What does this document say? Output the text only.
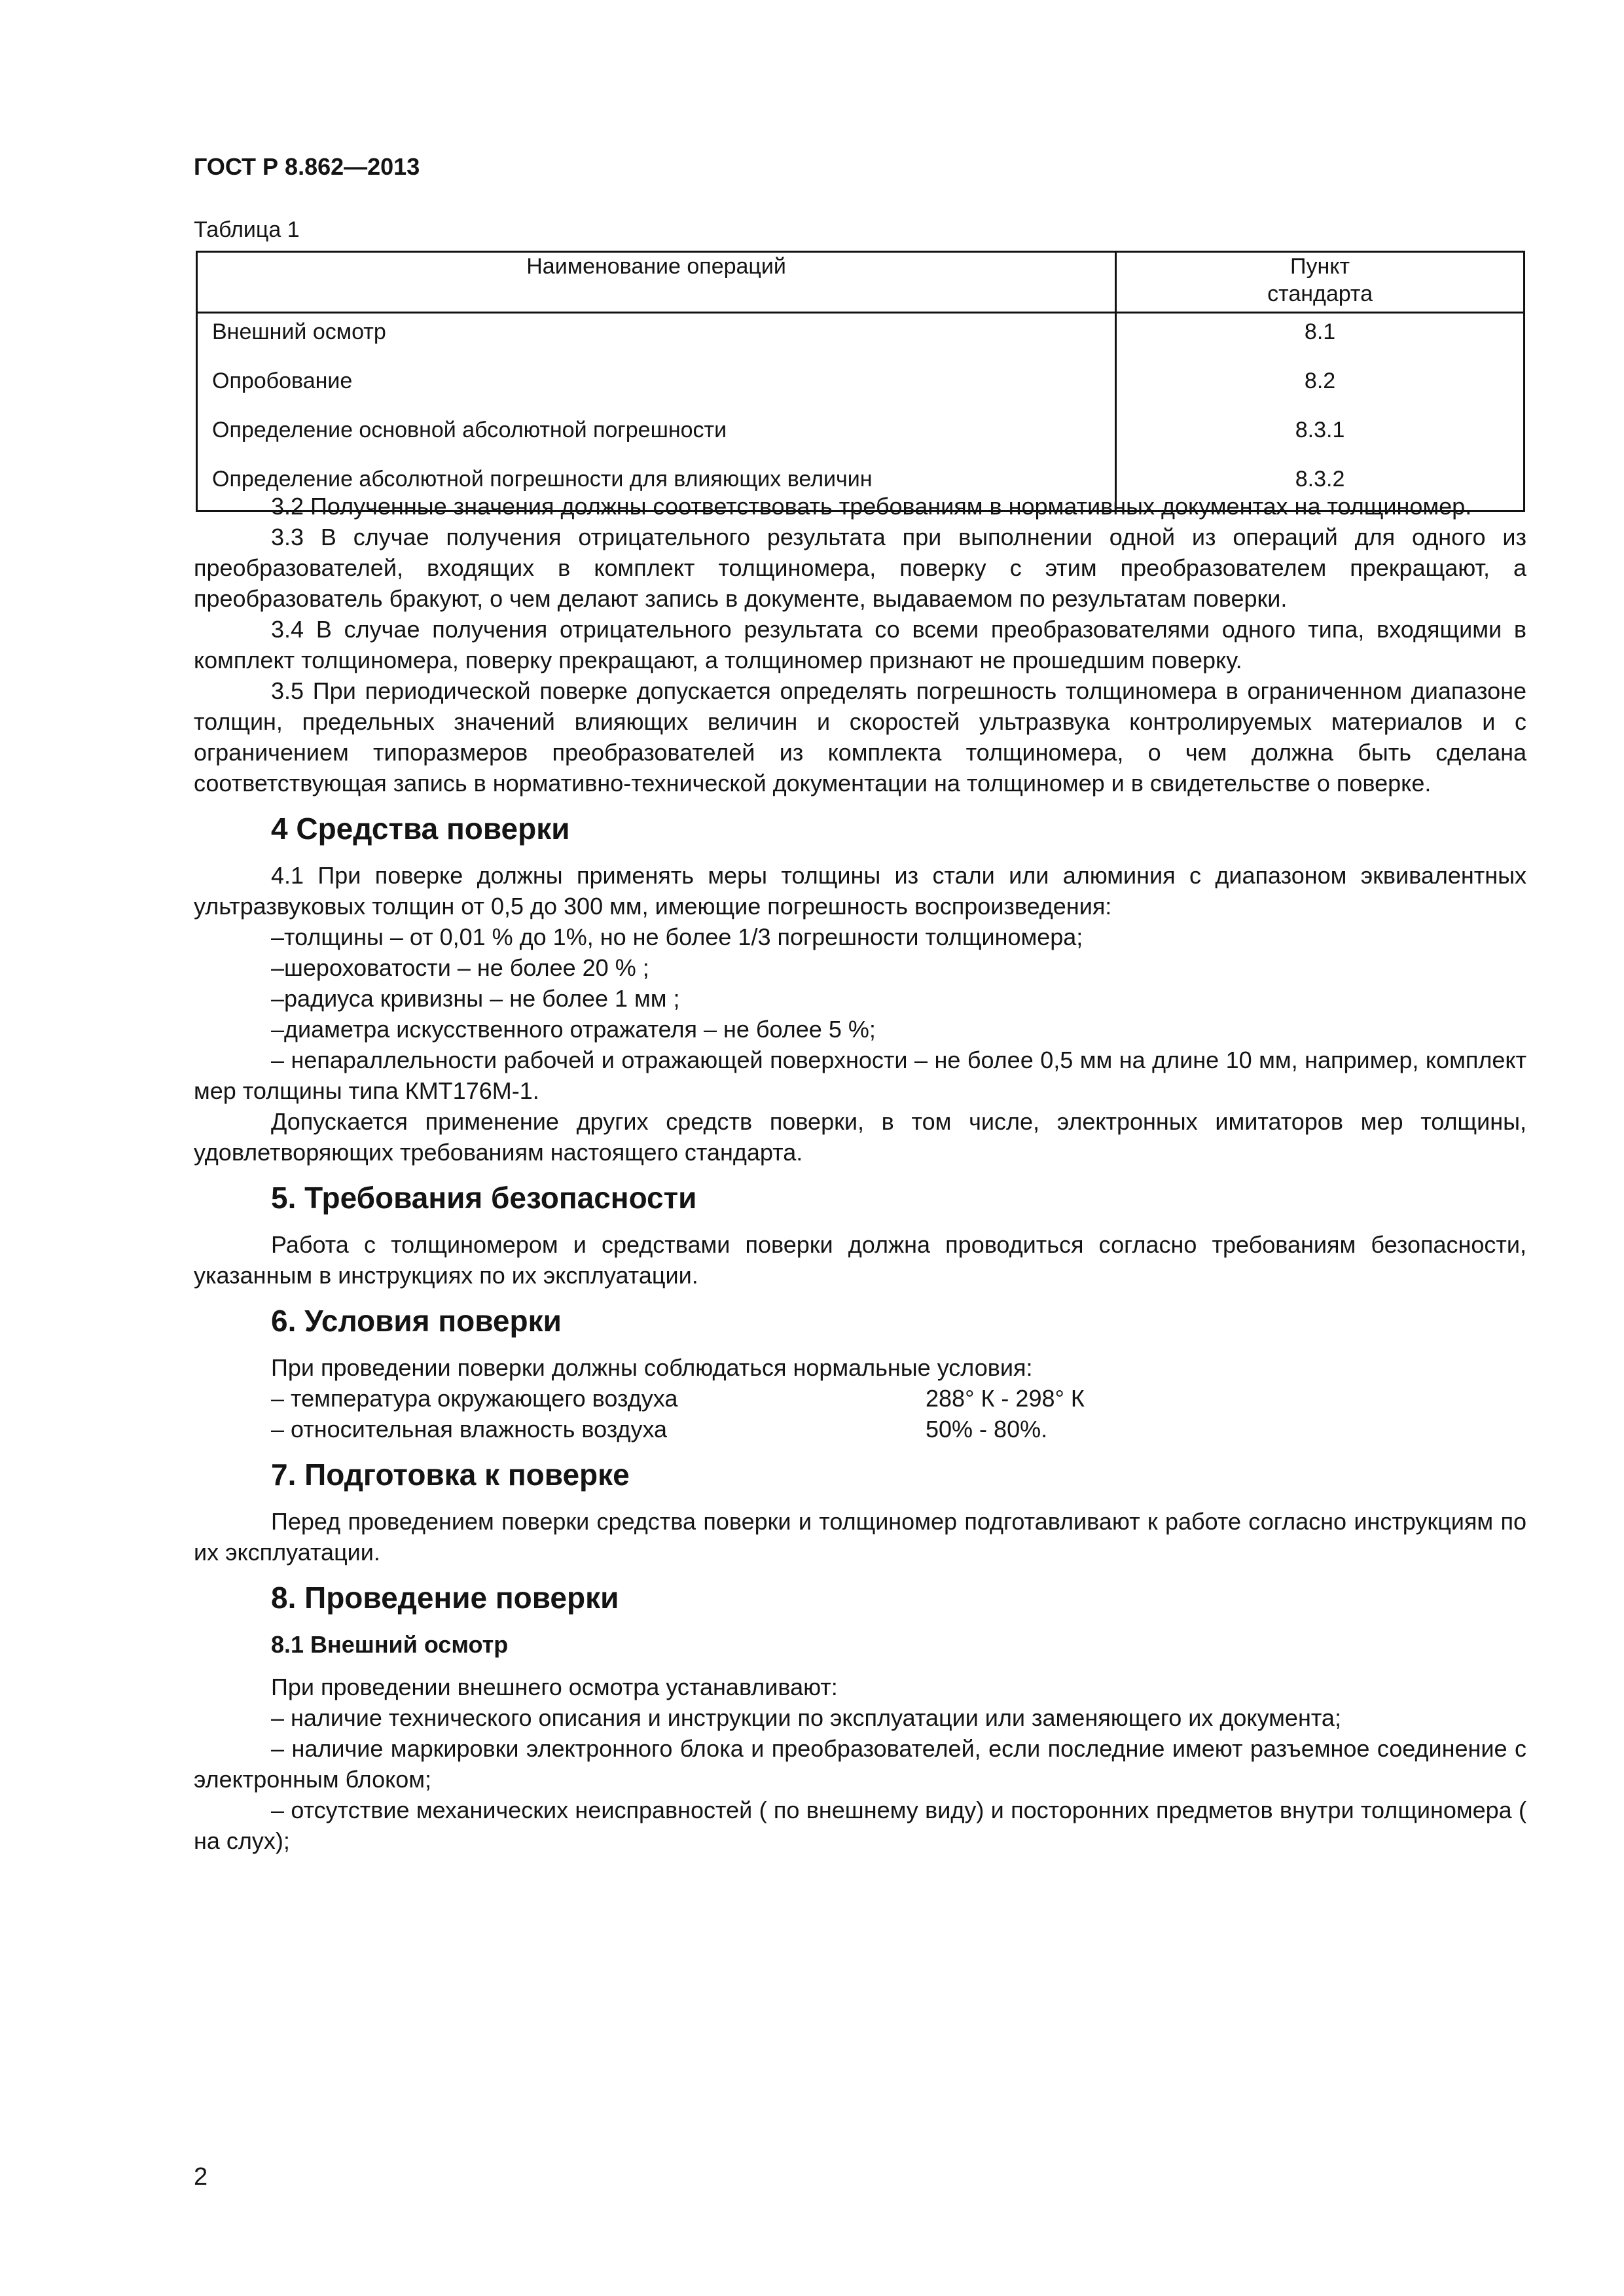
ГОСТ Р 8.862—2013

Таблица 1

Наименование операций	Пункт стандарта
Внешний осмотр	8.1
Опробование	8.2
Определение основной абсолютной погрешности	8.3.1
Определение абсолютной погрешности для влияющих величин	8.3.2

3.2 Полученные значения должны соответствовать требованиям в нормативных документах на толщиномер.

3.3 В случае получения отрицательного результата при выполнении одной из операций для одного из преобразователей, входящих в комплект толщиномера, поверку с этим преобразователем прекращают, а преобразователь бракуют, о чем делают запись в документе, выдаваемом по результатам поверки.

3.4 В случае получения отрицательного результата со всеми преобразователями одного типа, входящими в комплект толщиномера, поверку прекращают, а толщиномер признают не прошедшим поверку.

3.5 При периодической поверке допускается определять погрешность толщиномера в ограниченном диапазоне толщин, предельных значений влияющих величин и скоростей ультразвука контролируемых материалов и с ограничением типоразмеров преобразователей из комплекта толщиномера, о чем должна быть сделана соответствующая запись в нормативно-технической документации на толщиномер и в свидетельстве о поверке.

4 Средства поверки

4.1 При поверке должны применять меры толщины из стали или алюминия с диапазоном эквивалентных ультразвуковых толщин от 0,5 до 300 мм, имеющие погрешность воспроизведения:

–толщины – от 0,01 % до 1%, но не более 1/3 погрешности толщиномера;

–шероховатости – не более 20 % ;

–радиуса кривизны – не более 1 мм ;

–диаметра искусственного отражателя – не более 5 %;

– непараллельности рабочей и отражающей поверхности – не более 0,5 мм на длине 10 мм, например, комплект мер толщины типа КМТ176М-1.

Допускается применение других средств поверки, в том числе, электронных имитаторов мер толщины, удовлетворяющих требованиям настоящего стандарта.

5. Требования безопасности

Работа с толщиномером и средствами поверки должна проводиться согласно требованиям безопасности, указанным в инструкциях по их эксплуатации.

6. Условия поверки

При проведении поверки должны соблюдаться нормальные условия:

– температура окружающего воздуха	288° К - 298° К
– относительная влажность воздуха	50% - 80%.
7. Подготовка к поверке

Перед проведением поверки средства поверки и толщиномер подготавливают к работе согласно инструкциям по их эксплуатации.

8. Проведение поверки
8.1 Внешний осмотр

При проведении внешнего осмотра устанавливают:

– наличие технического описания и инструкции по эксплуатации или заменяющего их документа;

– наличие маркировки электронного блока и преобразователей, если последние имеют разъемное соединение с электронным блоком;

– отсутствие механических неисправностей ( по внешнему виду) и посторонних предметов внутри толщиномера ( на слух);

2
